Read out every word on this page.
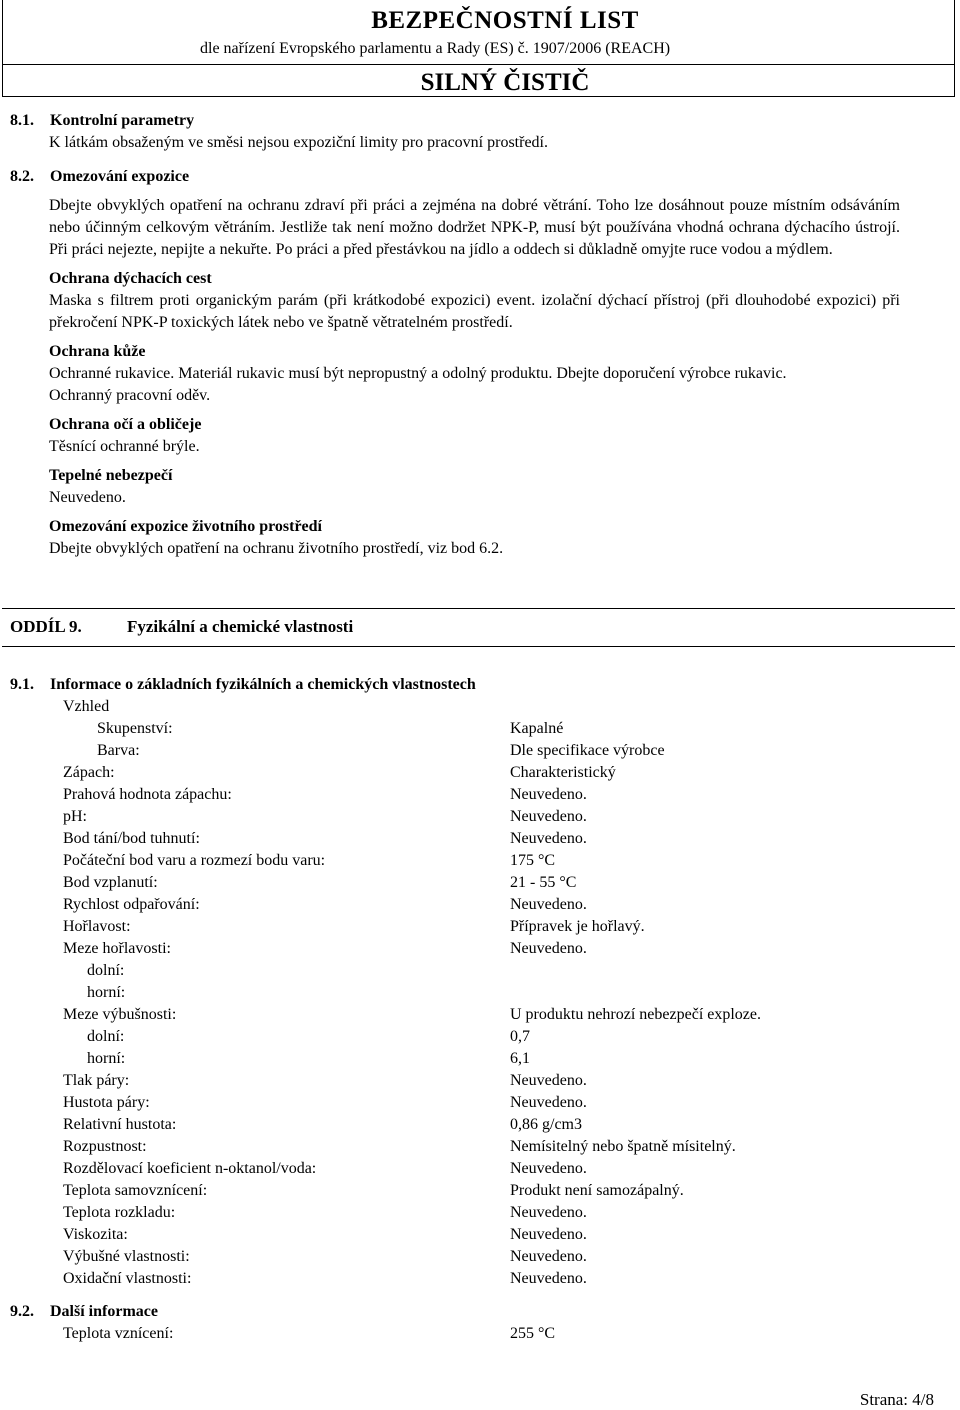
BEZPEČNOSTNÍ LIST
dle nařízení Evropského parlamentu a Rady (ES) č. 1907/2006 (REACH)
SILNÝ ČISTIČ
8.1. Kontrolní parametry
K látkám obsaženým ve směsi nejsou expoziční limity pro pracovní prostředí.
8.2. Omezování expozice
Dbejte obvyklých opatření na ochranu zdraví při práci a zejména na dobré větrání. Toho lze dosáhnout pouze místním odsáváním nebo účinným celkovým větráním. Jestliže tak není možno dodržet NPK-P, musí být používána vhodná ochrana dýchacího ústrojí. Při práci nejezte, nepijte a nekuřte. Po práci a před přestávkou na jídlo a oddech si důkladně omyjte ruce vodou a mýdlem.
Ochrana dýchacích cest
Maska s filtrem proti organickým parám (při krátkodobé expozici) event. izolační dýchací přístroj (při dlouhodobé expozici) při překročení NPK-P toxických látek nebo ve špatně větratelném prostředí.
Ochrana kůže
Ochranné rukavice. Materiál rukavic musí být nepropustný a odolný produktu. Dbejte doporučení výrobce rukavic.
Ochranný pracovní oděv.
Ochrana očí a obličeje
Těsnící ochranné brýle.
Tepelné nebezpečí
Neuvedeno.
Omezování expozice životního prostředí
Dbejte obvyklých opatření na ochranu životního prostředí, viz bod 6.2.
ODDÍL 9.	Fyzikální a chemické vlastnosti
9.1. Informace o základních fyzikálních a chemických vlastnostech
Vzhled
Skupenství:	Kapalné
Barva:	Dle specifikace výrobce
Zápach:	Charakteristický
Prahová hodnota zápachu:	Neuvedeno.
pH:	Neuvedeno.
Bod tání/bod tuhnutí:	Neuvedeno.
Počáteční bod varu a rozmezí bodu varu:	175 °C
Bod vzplanutí:	21 - 55 °C
Rychlost odpařování:	Neuvedeno.
Hořlavost:	Přípravek je hořlavý.
Meze hořlavosti:	Neuvedeno.
dolní:
horní:
Meze výbušnosti:	U produktu nehrozí nebezpečí exploze.
dolní:	0,7
horní:	6,1
Tlak páry:	Neuvedeno.
Hustota páry:	Neuvedeno.
Relativní hustota:	0,86 g/cm3
Rozpustnost:	Nemísitelný nebo špatně mísitelný.
Rozdělovací koeficient n-oktanol/voda:	Neuvedeno.
Teplota samovznícení:	Produkt není samozápalný.
Teplota rozkladu:	Neuvedeno.
Viskozita:	Neuvedeno.
Výbušné vlastnosti:	Neuvedeno.
Oxidační vlastnosti:	Neuvedeno.
9.2. Další informace
Teplota vznícení:	255 °C
Strana: 4/8
